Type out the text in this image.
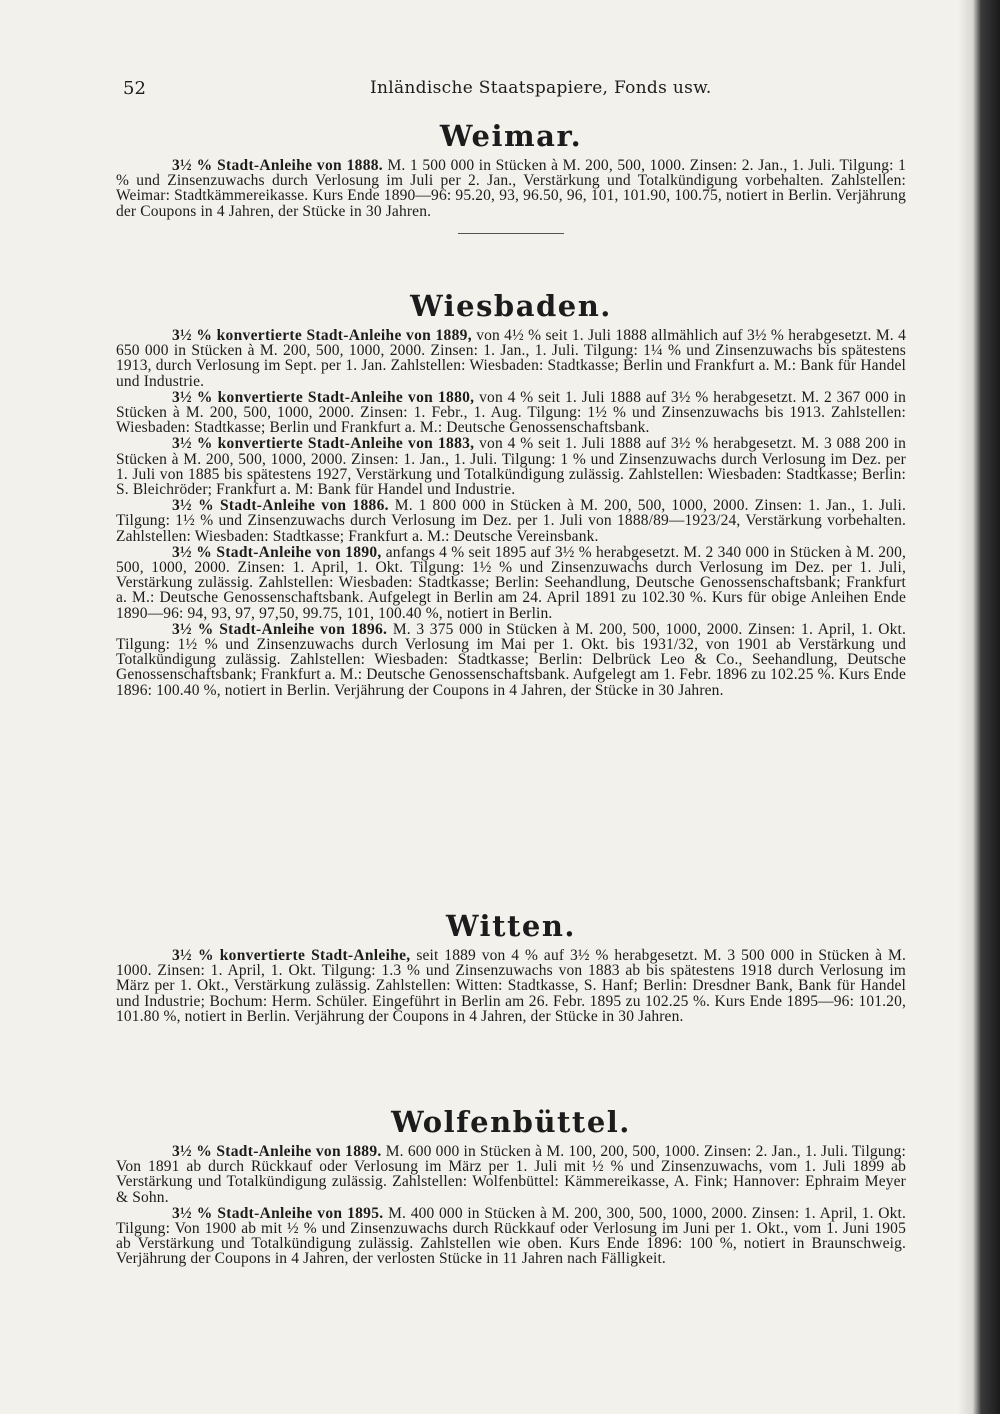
52	Inländische Staatspapiere, Fonds usw.
Weimar.

3½ % Stadt-Anleihe von 1888. M. 1 500 000 in Stücken à M. 200, 500, 1000. Zinsen: 2. Jan., 1. Juli. Tilgung: 1 % und Zinsenzuwachs durch Verlosung im Juli per 2. Jan., Verstärkung und Totalkündigung vorbehalten. Zahlstellen: Weimar: Stadtkämmereikasse. Kurs Ende 1890—96: 95.20, 93, 96.50, 96, 101, 101.90, 100.75, notiert in Berlin. Verjährung der Coupons in 4 Jahren, der Stücke in 30 Jahren.

Wiesbaden.

3½ % konvertierte Stadt-Anleihe von 1889, von 4½ % seit 1. Juli 1888 allmählich auf 3½ % herabgesetzt. M. 4 650 000 in Stücken à M. 200, 500, 1000, 2000. Zinsen: 1. Jan., 1. Juli. Tilgung: 1¼ % und Zinsenzuwachs bis spätestens 1913, durch Verlosung im Sept. per 1. Jan. Zahlstellen: Wiesbaden: Stadtkasse; Berlin und Frankfurt a. M.: Bank für Handel und Industrie.

3½ % konvertierte Stadt-Anleihe von 1880, von 4 % seit 1. Juli 1888 auf 3½ % herabgesetzt. M. 2 367 000 in Stücken à M. 200, 500, 1000, 2000. Zinsen: 1. Febr., 1. Aug. Tilgung: 1½ % und Zinsenzuwachs bis 1913. Zahlstellen: Wiesbaden: Stadtkasse; Berlin und Frankfurt a. M.: Deutsche Genossenschaftsbank.

3½ % konvertierte Stadt-Anleihe von 1883, von 4 % seit 1. Juli 1888 auf 3½ % herabgesetzt. M. 3 088 200 in Stücken à M. 200, 500, 1000, 2000. Zinsen: 1. Jan., 1. Juli. Tilgung: 1 % und Zinsenzuwachs durch Verlosung im Dez. per 1. Juli von 1885 bis spätestens 1927, Verstärkung und Totalkündigung zulässig. Zahlstellen: Wiesbaden: Stadtkasse; Berlin: S. Bleichröder; Frankfurt a. M: Bank für Handel und Industrie.

3½ % Stadt-Anleihe von 1886. M. 1 800 000 in Stücken à M. 200, 500, 1000, 2000. Zinsen: 1. Jan., 1. Juli. Tilgung: 1½ % und Zinsenzuwachs durch Verlosung im Dez. per 1. Juli von 1888/89—1923/24, Verstärkung vorbehalten. Zahlstellen: Wiesbaden: Stadtkasse; Frankfurt a. M.: Deutsche Vereinsbank.

3½ % Stadt-Anleihe von 1890, anfangs 4 % seit 1895 auf 3½ % herabgesetzt. M. 2 340 000 in Stücken à M. 200, 500, 1000, 2000. Zinsen: 1. April, 1. Okt. Tilgung: 1½ % und Zinsenzuwachs durch Verlosung im Dez. per 1. Juli, Verstärkung zulässig. Zahlstellen: Wiesbaden: Stadtkasse; Berlin: Seehandlung, Deutsche Genossenschaftsbank; Frankfurt a. M.: Deutsche Genossenschaftsbank. Aufgelegt in Berlin am 24. April 1891 zu 102.30 %. Kurs für obige Anleihen Ende 1890—96: 94, 93, 97, 97,50, 99.75, 101, 100.40 %, notiert in Berlin.

3½ % Stadt-Anleihe von 1896. M. 3 375 000 in Stücken à M. 200, 500, 1000, 2000. Zinsen: 1. April, 1. Okt. Tilgung: 1½ % und Zinsenzuwachs durch Verlosung im Mai per 1. Okt. bis 1931/32, von 1901 ab Verstärkung und Totalkündigung zulässig. Zahlstellen: Wiesbaden: Stadtkasse; Berlin: Delbrück Leo & Co., Seehandlung, Deutsche Genossenschaftsbank; Frankfurt a. M.: Deutsche Genossenschaftsbank. Aufgelegt am 1. Febr. 1896 zu 102.25 %. Kurs Ende 1896: 100.40 %, notiert in Berlin. Verjährung der Coupons in 4 Jahren, der Stücke in 30 Jahren.

Witten.

3½ % konvertierte Stadt-Anleihe, seit 1889 von 4 % auf 3½ % herabgesetzt. M. 3 500 000 in Stücken à M. 1000. Zinsen: 1. April, 1. Okt. Tilgung: 1.3 % und Zinsenzuwachs von 1883 ab bis spätestens 1918 durch Verlosung im März per 1. Okt., Verstärkung zulässig. Zahlstellen: Witten: Stadtkasse, S. Hanf; Berlin: Dresdner Bank, Bank für Handel und Industrie; Bochum: Herm. Schüler. Eingeführt in Berlin am 26. Febr. 1895 zu 102.25 %. Kurs Ende 1895—96: 101.20, 101.80 %, notiert in Berlin. Verjährung der Coupons in 4 Jahren, der Stücke in 30 Jahren.

Wolfenbüttel.

3½ % Stadt-Anleihe von 1889. M. 600 000 in Stücken à M. 100, 200, 500, 1000. Zinsen: 2. Jan., 1. Juli. Tilgung: Von 1891 ab durch Rückkauf oder Verlosung im März per 1. Juli mit ½ % und Zinsenzuwachs, vom 1. Juli 1899 ab Verstärkung und Totalkündigung zulässig. Zahlstellen: Wolfenbüttel: Kämmereikasse, A. Fink; Hannover: Ephraim Meyer & Sohn.

3½ % Stadt-Anleihe von 1895. M. 400 000 in Stücken à M. 200, 300, 500, 1000, 2000. Zinsen: 1. April, 1. Okt. Tilgung: Von 1900 ab mit ½ % und Zinsenzuwachs durch Rückkauf oder Verlosung im Juni per 1. Okt., vom 1. Juni 1905 ab Verstärkung und Totalkündigung zulässig. Zahlstellen wie oben. Kurs Ende 1896: 100 %, notiert in Braunschweig. Verjährung der Coupons in 4 Jahren, der verlosten Stücke in 11 Jahren nach Fälligkeit.
